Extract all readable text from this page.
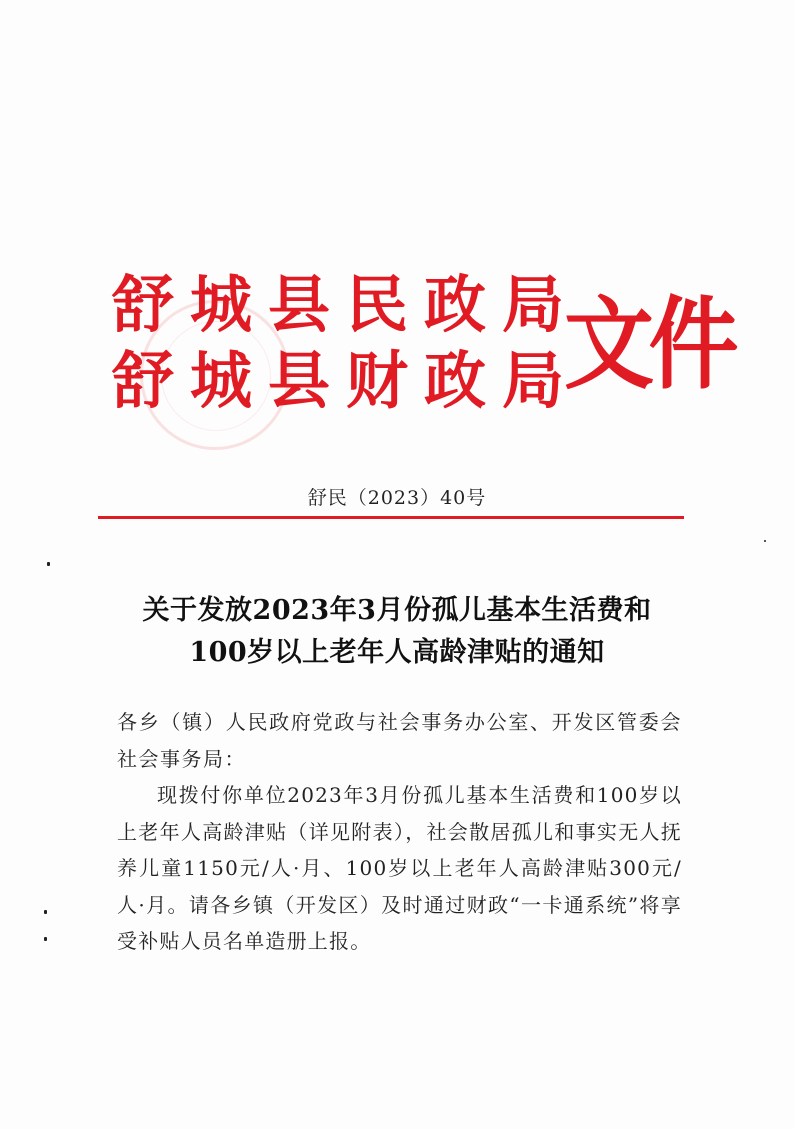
舒城县民政局
舒城县财政局
文件
舒民（2023）40号
关于发放2023年3月份孤儿基本生活费和
100岁以上老年人高龄津贴的通知

各乡（镇）人民政府党政与社会事务办公室、开发区管委会社会事务局：

现拨付你单位2023年3月份孤儿基本生活费和100岁以上老年人高龄津贴（详见附表），社会散居孤儿和事实无人抚养儿童1150元/人·月、100岁以上老年人高龄津贴300元/人·月。请各乡镇（开发区）及时通过财政“一卡通系统”将享受补贴人员名单造册上报。
